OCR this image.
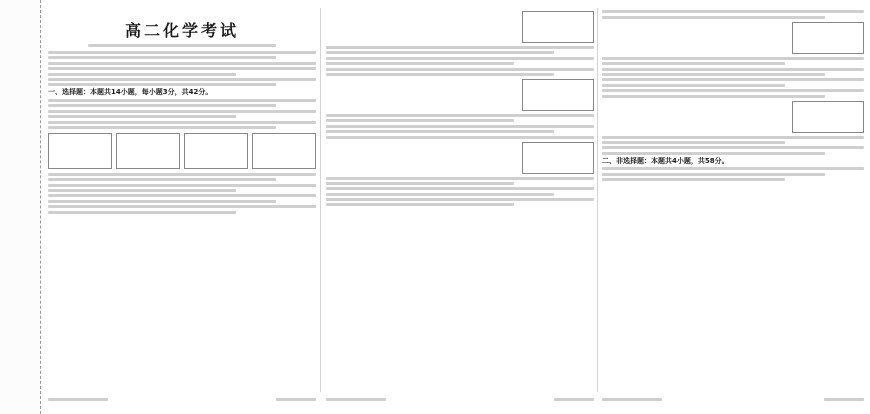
高二化学考试
一、选择题：本题共14小题，每小题3分，共42分。
二、非选择题：本题共4小题，共58分。
